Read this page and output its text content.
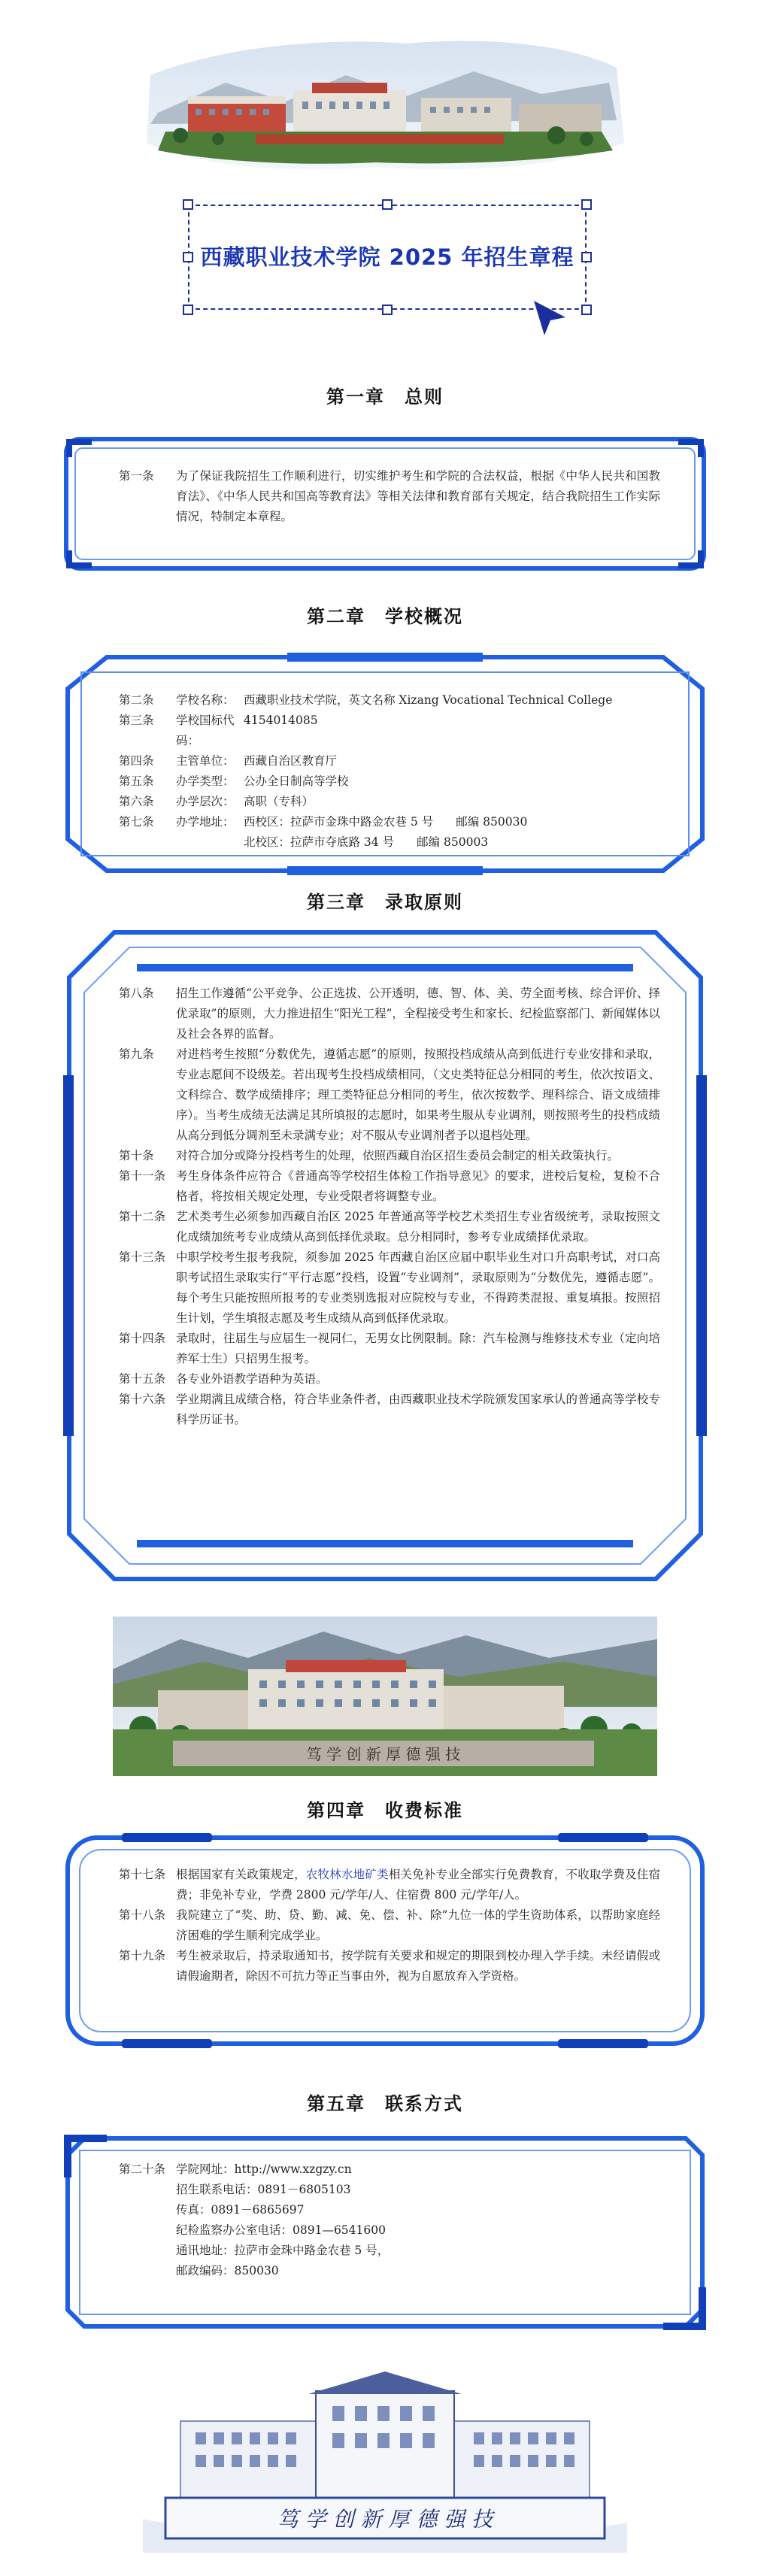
西藏职业技术学院 2025 年招生章程
第一章　总则
第一条	为了保证我院招生工作顺利进行，切实维护考生和学院的合法权益，根据《中华人民共和国教育法》、《中华人民共和国高等教育法》等相关法律和教育部有关规定，结合我院招生工作实际情况，特制定本章程。
第二章　学校概况
第二条	学校名称： 西藏职业技术学院，英文名称 Xizang Vocational Technical College
第三条	学校国标代码：
4154014085
第四条	主管单位： 西藏自治区教育厅
第五条	办学类型： 公办全日制高等学校
第六条	办学层次： 高职（专科）
第七条	办学地址： 西校区：拉萨市金珠中路金农巷 5 号 邮编 850030
北校区：拉萨市夺底路 34 号 邮编 850003
第三章　录取原则
第八条	招生工作遵循“公平竞争、公正选拔、公开透明，德、智、体、美、劳全面考核、综合评价、择优录取”的原则，大力推进招生“阳光工程”，全程接受考生和家长、纪检监察部门、新闻媒体以及社会各界的监督。
第九条	对进档考生按照“分数优先，遵循志愿”的原则，按照投档成绩从高到低进行专业安排和录取，专业志愿间不设级差。若出现考生投档成绩相同，（文史类特征总分相同的考生，依次按语文、文科综合、数学成绩排序；理工类特征总分相同的考生，依次按数学、理科综合、语文成绩排序）。当考生成绩无法满足其所填报的志愿时，如果考生服从专业调剂，则按照考生的投档成绩从高分到低分调剂至未录满专业；对不服从专业调剂者予以退档处理。
第十条	对符合加分或降分投档考生的处理，依照西藏自治区招生委员会制定的相关政策执行。
第十一条 考生身体条件应符合《普通高等学校招生体检工作指导意见》的要求，进校后复检，复检不合格者，将按相关规定处理，专业受限者将调整专业。
第十二条 艺术类考生必须参加西藏自治区 2025 年普通高等学校艺术类招生专业省级统考，录取按照文化成绩加统考专业成绩从高到低择优录取。总分相同时，参考专业成绩择优录取。
第十三条 中职学校考生报考我院，须参加 2025 年西藏自治区应届中职毕业生对口升高职考试，对口高职考试招生录取实行“平行志愿”投档，设置“专业调剂”，录取原则为“分数优先，遵循志愿”。每个考生只能按照所报考的专业类别选报对应院校与专业，不得跨类混报、重复填报。按照招生计划，学生填报志愿及考生成绩从高到低择优录取。
第十四条 录取时，往届生与应届生一视同仁，无男女比例限制。除：汽车检测与维修技术专业（定向培养军士生）只招男生报考。
第十五条 各专业外语教学语种为英语。
第十六条 学业期满且成绩合格，符合毕业条件者，由西藏职业技术学院颁发国家承认的普通高等学校专科学历证书。
笃 学 创 新 厚 德 强 技
第四章　收费标准
第十七条 根据国家有关政策规定，农牧林水地矿类相关免补专业全部实行免费教育，不收取学费及住宿费；非免补专业，学费 2800 元/学年/人、住宿费 800 元/学年/人。
第十八条 我院建立了“奖、助、贷、勤、减、免、偿、补、除”九位一体的学生资助体系，以帮助家庭经济困难的学生顺利完成学业。
第十九条 考生被录取后，持录取通知书，按学院有关要求和规定的期限到校办理入学手续。未经请假或请假逾期者，除因不可抗力等正当事由外，视为自愿放弃入学资格。
第五章　联系方式
第二十条 学院网址：http://www.xzgzy.cn
招生联系电话：0891－6805103
传真：0891－6865697
纪检监察办公室电话：0891—6541600
通讯地址：拉萨市金珠中路金农巷 5 号，
邮政编码：850030
笃 学 创 新 厚 德 强 技
